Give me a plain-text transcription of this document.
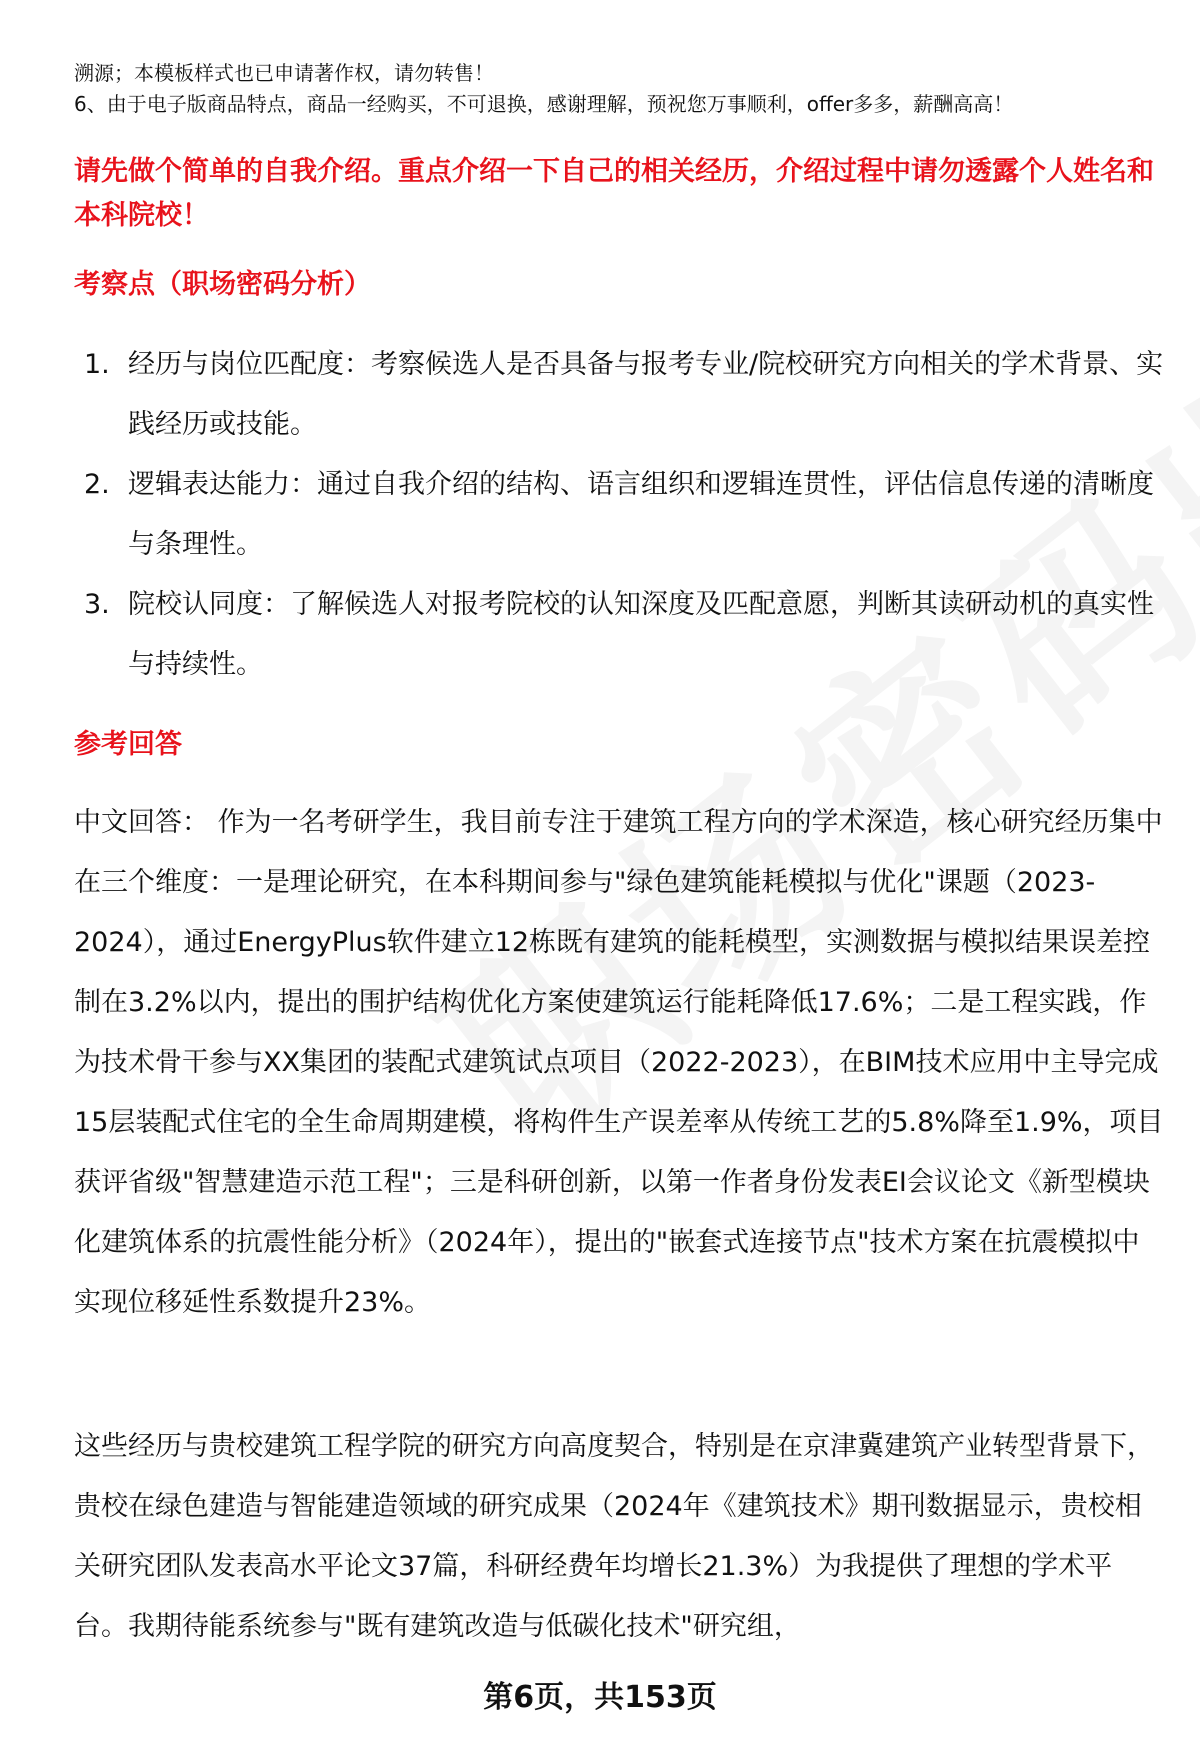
溯源；本模板样式也已申请著作权，请勿转售！

6、由于电子版商品特点，商品一经购买，不可退换，感谢理解，预祝您万事顺利，offer多多，薪酬高高！

请先做个简单的自我介绍。重点介绍一下自己的相关经历，介绍过程中请勿透露个人姓名和本科院校！
考察点（职场密码分析）
1. 经历与岗位匹配度：考察候选人是否具备与报考专业/院校研究方向相关的学术背景、实践经历或技能。
2. 逻辑表达能力：通过自我介绍的结构、语言组织和逻辑连贯性，评估信息传递的清晰度与条理性。
3. 院校认同度：了解候选人对报考院校的认知深度及匹配意愿，判断其读研动机的真实性与持续性。
参考回答

中文回答： 作为一名考研学生，我目前专注于建筑工程方向的学术深造，核心研究经历集中在三个维度：一是理论研究，在本科期间参与"绿色建筑能耗模拟与优化"课题（2023-2024），通过EnergyPlus软件建立12栋既有建筑的能耗模型，实测数据与模拟结果误差控制在3.2%以内，提出的围护结构优化方案使建筑运行能耗降低17.6%；二是工程实践，作为技术骨干参与XX集团的装配式建筑试点项目（2022-2023），在BIM技术应用中主导完成15层装配式住宅的全生命周期建模，将构件生产误差率从传统工艺的5.8%降至1.9%，项目获评省级"智慧建造示范工程"；三是科研创新，以第一作者身份发表EI会议论文《新型模块化建筑体系的抗震性能分析》（2024年），提出的"嵌套式连接节点"技术方案在抗震模拟中实现位移延性系数提升23%。

这些经历与贵校建筑工程学院的研究方向高度契合，特别是在京津冀建筑产业转型背景下，贵校在绿色建造与智能建造领域的研究成果（2024年《建筑技术》期刊数据显示，贵校相关研究团队发表高水平论文37篇，科研经费年均增长21.3%）为我提供了理想的学术平台。我期待能系统参与"既有建筑改造与低碳化技术"研究组，

第6页，共153页
